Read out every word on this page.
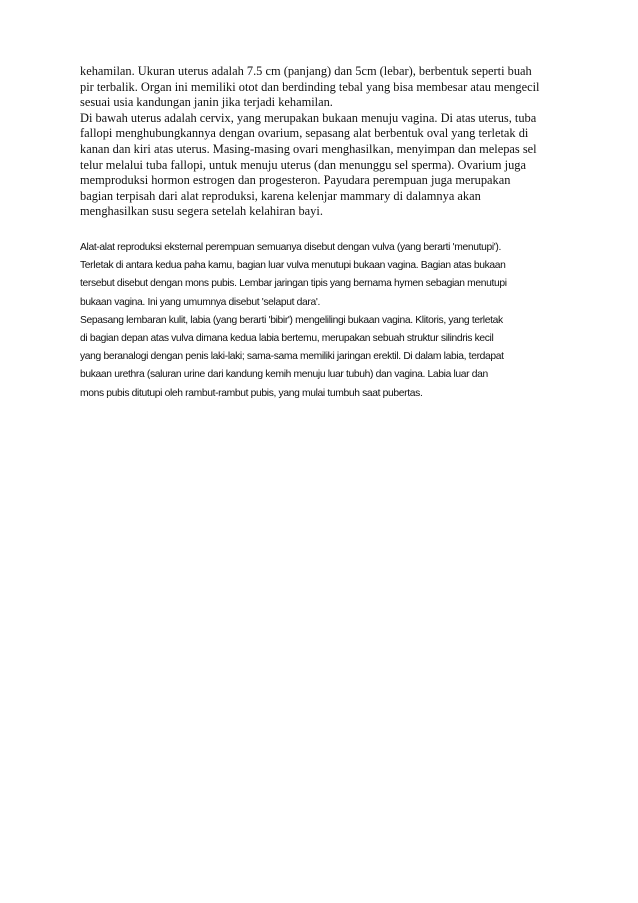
kehamilan. Ukuran uterus adalah 7.5 cm (panjang) dan 5cm (lebar), berbentuk seperti buah
pir terbalik. Organ ini memiliki otot dan berdinding tebal yang bisa membesar atau mengecil
sesuai usia kandungan janin jika terjadi kehamilan.
Di bawah uterus adalah cervix, yang merupakan bukaan menuju vagina. Di atas uterus, tuba
fallopi menghubungkannya dengan ovarium, sepasang alat berbentuk oval yang terletak di
kanan dan kiri atas uterus. Masing-masing ovari menghasilkan, menyimpan dan melepas sel
telur melalui tuba fallopi, untuk menuju uterus (dan menunggu sel sperma). Ovarium juga
memproduksi hormon estrogen dan progesteron. Payudara perempuan juga merupakan
bagian terpisah dari alat reproduksi, karena kelenjar mammary di dalamnya akan
menghasilkan susu segera setelah kelahiran bayi.
Alat-alat reproduksi eksternal perempuan semuanya disebut dengan vulva (yang berarti 'menutupi').
Terletak di antara kedua paha kamu, bagian luar vulva menutupi bukaan vagina. Bagian atas bukaan
tersebut disebut dengan mons pubis. Lembar jaringan tipis yang bernama hymen sebagian menutupi
bukaan vagina. Ini yang umumnya disebut 'selaput dara'.
Sepasang lembaran kulit, labia (yang berarti 'bibir') mengelilingi bukaan vagina. Klitoris, yang terletak
di bagian depan atas vulva dimana kedua labia bertemu, merupakan sebuah struktur silindris kecil
yang beranalogi dengan penis laki-laki; sama-sama memiliki jaringan erektil. Di dalam labia, terdapat
bukaan urethra (saluran urine dari kandung kemih menuju luar tubuh) dan vagina. Labia luar dan
mons pubis ditutupi oleh rambut-rambut pubis, yang mulai tumbuh saat pubertas.
